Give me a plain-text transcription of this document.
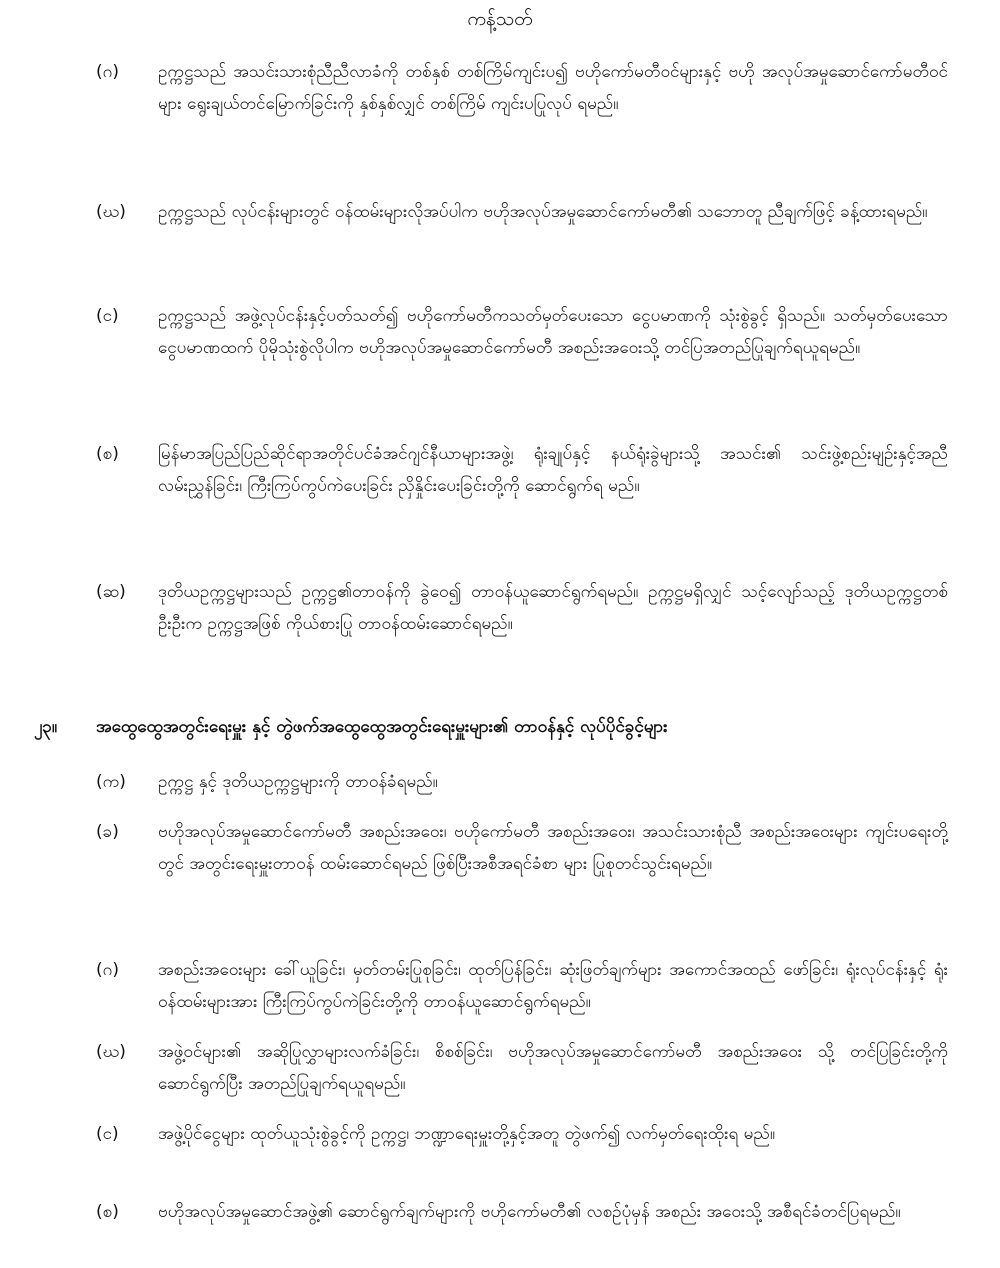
ကန့်သတ်
(ဂ)	ဥက္ကဋ္ဌသည် အသင်းသားစုံညီညီလာခံကို တစ်နှစ် တစ်ကြိမ်ကျင်းပ၍ ဗဟိုကော်မတီဝင်များနှင့် ဗဟို အလုပ်အမှုဆောင်ကော်မတီဝင်များ ရွေးချယ်တင်မြောက်ခြင်းကို နှစ်နှစ်လျှင် တစ်ကြိမ် ကျင်းပပြုလုပ် ရမည်။
(ဃ)	ဥက္ကဋ္ဌသည် လုပ်ငန်းများတွင် ဝန်ထမ်းများလိုအပ်ပါက ဗဟိုအလုပ်အမှုဆောင်ကော်မတီ၏ သဘောတူ ညီချက်ဖြင့် ခန့်ထားရမည်။
(င)	ဥက္ကဋ္ဌသည် အဖွဲ့လုပ်ငန်းနှင့်ပတ်သတ်၍ ဗဟိုကော်မတီကသတ်မှတ်ပေးသော ငွေပမာဏကို သုံးစွဲခွင့် ရှိသည်။ သတ်မှတ်ပေးသော ငွေပမာဏထက် ပိုမိုသုံးစွဲလိုပါက ဗဟိုအလုပ်အမှုဆောင်ကော်မတီ အစည်းအဝေးသို့ တင်ပြအတည်ပြုချက်ရယူရမည်။
(စ)	မြန်မာအပြည်ပြည်ဆိုင်ရာအတိုင်ပင်ခံအင်ဂျင်နီယာများအဖွဲ့၊ ရုံးချုပ်နှင့် နယ်ရုံးခွဲများသို့ အသင်း၏ သင်းဖွဲ့စည်းမျဉ်းနှင့်အညီ လမ်းညွှန်ခြင်း၊ ကြီးကြပ်ကွပ်ကဲပေးခြင်း ညှိနှိုင်းပေးခြင်းတို့ကို ဆောင်ရွက်ရ မည်။
(ဆ)	ဒုတိယဥက္ကဋ္ဌများသည် ဥက္ကဋ္ဌ၏တာဝန်ကို ခွဲဝေ၍ တာဝန်ယူဆောင်ရွက်ရမည်။ ဥက္ကဋ္ဌမရှိလျှင် သင့်လျော်သည့် ဒုတိယဥက္ကဋ္ဌတစ်ဦးဦးက ဥက္ကဋ္ဌအဖြစ် ကိုယ်စားပြု တာဝန်ထမ်းဆောင်ရမည်။
၂၃။ အထွေထွေအတွင်းရေးမှူး နှင့် တွဲဖက်အထွေထွေအတွင်းရေးမှူးများ၏ တာဝန်နှင့် လုပ်ပိုင်ခွင့်များ
(က)	ဥက္ကဋ္ဌ နှင့် ဒုတိယဥက္ကဋ္ဌများကို တာဝန်ခံရမည်။
(ခ)	ဗဟိုအလုပ်အမှုဆောင်ကော်မတီ အစည်းအဝေး၊ ဗဟိုကော်မတီ အစည်းအဝေး၊ အသင်းသားစုံညီ အစည်းအဝေးများ ကျင်းပရေးတို့တွင် အတွင်းရေးမှူးတာဝန် ထမ်းဆောင်ရမည် ဖြစ်ပြီးအစီအရင်ခံစာ များ ပြုစုတင်သွင်းရမည်။
(ဂ)	အစည်းအဝေးများ ခေါ်ယူခြင်း၊ မှတ်တမ်းပြုစုခြင်း၊ ထုတ်ပြန်ခြင်း၊ ဆုံးဖြတ်ချက်များ အကောင်အထည် ဖော်ခြင်း၊ ရုံးလုပ်ငန်းနှင့် ရုံးဝန်ထမ်းများအား ကြီးကြပ်ကွပ်ကဲခြင်းတို့ကို တာဝန်ယူဆောင်ရွက်ရမည်။
(ဃ)	အဖွဲ့ဝင်များ၏ အဆိုပြုလွှာများလက်ခံခြင်း၊ စိစစ်ခြင်း၊ ဗဟိုအလုပ်အမှုဆောင်ကော်မတီ အစည်းအဝေး သို့ တင်ပြခြင်းတို့ကို ဆောင်ရွက်ပြီး အတည်ပြုချက်ရယူရမည်။
(င)	အဖွဲ့ပိုင်ငွေများ ထုတ်ယူသုံးစွဲခွင့်ကို ဥက္ကဋ္ဌ၊ ဘဏ္ဍာရေးမှူးတို့နှင့်အတူ တွဲဖက်၍ လက်မှတ်ရေးထိုးရ မည်။
(စ)	ဗဟိုအလုပ်အမှုဆောင်အဖွဲ့၏ ဆောင်ရွက်ချက်များကို ဗဟိုကော်မတီ၏ လစဉ်ပုံမှန် အစည်း အဝေးသို့ အစီရင်ခံတင်ပြရမည်။
